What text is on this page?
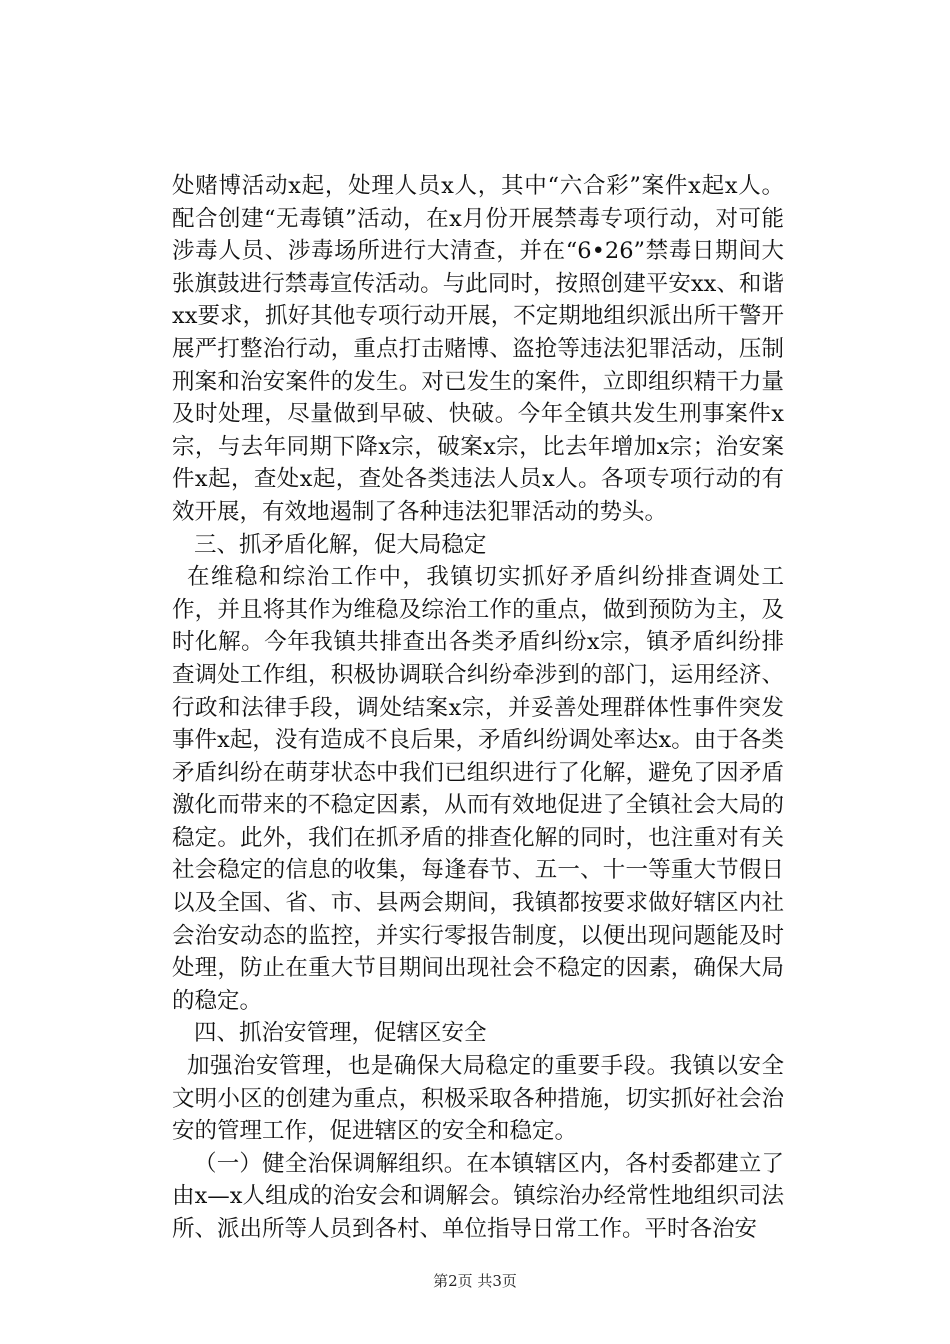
处赌博活动x起，处理人员x人，其中“六合彩”案件x起x人。配合创建“无毒镇”活动，在x月份开展禁毒专项行动，对可能涉毒人员、涉毒场所进行大清查，并在“6•26”禁毒日期间大张旗鼓进行禁毒宣传活动。与此同时，按照创建平安xx、和谐xx要求，抓好其他专项行动开展，不定期地组织派出所干警开展严打整治行动，重点打击赌博、盗抢等违法犯罪活动，压制刑案和治安案件的发生。对已发生的案件，立即组织精干力量及时处理，尽量做到早破、快破。今年全镇共发生刑事案件x宗，与去年同期下降x宗，破案x宗，比去年增加x宗；治安案件x起，查处x起，查处各类违法人员x人。各项专项行动的有效开展，有效地遏制了各种违法犯罪活动的势头。

三、抓矛盾化解，促大局稳定

在维稳和综治工作中，我镇切实抓好矛盾纠纷排查调处工作，并且将其作为维稳及综治工作的重点，做到预防为主，及时化解。今年我镇共排查出各类矛盾纠纷x宗，镇矛盾纠纷排查调处工作组，积极协调联合纠纷牵涉到的部门，运用经济、行政和法律手段，调处结案x宗，并妥善处理群体性事件突发事件x起，没有造成不良后果，矛盾纠纷调处率达x。由于各类矛盾纠纷在萌芽状态中我们已组织进行了化解，避免了因矛盾激化而带来的不稳定因素，从而有效地促进了全镇社会大局的稳定。此外，我们在抓矛盾的排查化解的同时，也注重对有关社会稳定的信息的收集，每逢春节、五一、十一等重大节假日以及全国、省、市、县两会期间，我镇都按要求做好辖区内社会治安动态的监控，并实行零报告制度，以便出现问题能及时处理，防止在重大节目期间出现社会不稳定的因素，确保大局的稳定。

四、抓治安管理，促辖区安全

加强治安管理，也是确保大局稳定的重要手段。我镇以安全文明小区的创建为重点，积极采取各种措施，切实抓好社会治安的管理工作，促进辖区的安全和稳定。

（一）健全治保调解组织。在本镇辖区内，各村委都建立了由x—x人组成的治安会和调解会。镇综治办经常性地组织司法所、派出所等人员到各村、单位指导日常工作。平时各治安

第2页 共3页
